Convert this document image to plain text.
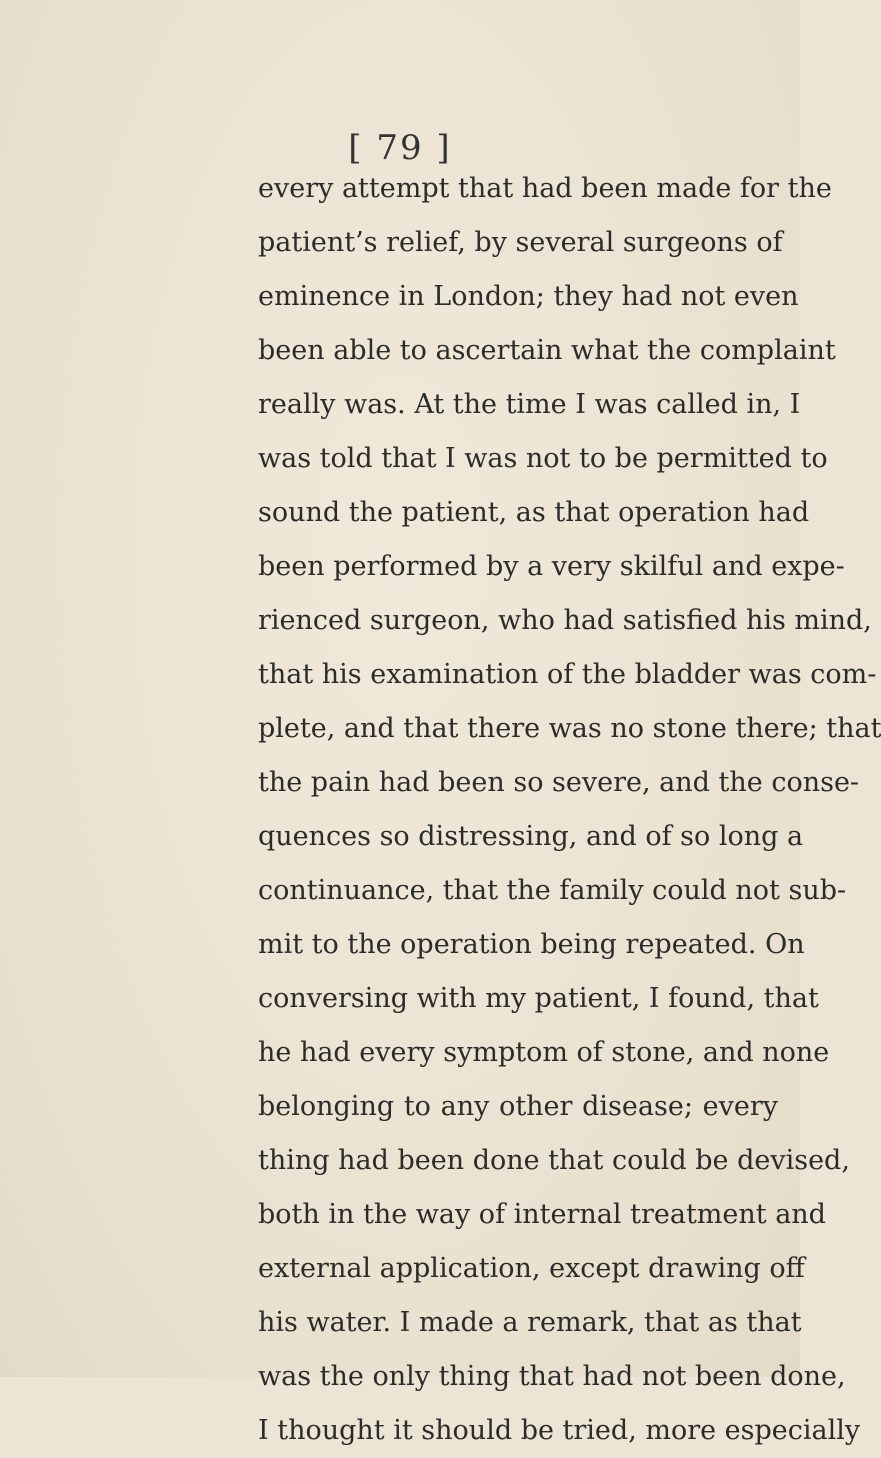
[ 79 ]
every attempt that had been made for the
patient’s relief, by several surgeons of
eminence in London; they had not even
been able to ascertain what the complaint
really was. At the time I was called in, I
was told that I was not to be permitted to
sound the patient, as that operation had
been performed by a very skilful and expe-
rienced surgeon, who had satisfied his mind,
that his examination of the bladder was com-
plete, and that there was no stone there; that
the pain had been so severe, and the conse-
quences so distressing, and of so long a
continuance, that the family could not sub-
mit to the operation being repeated. On
conversing with my patient, I found, that
he had every symptom of stone, and none
belonging to any other disease; every
thing had been done that could be devised,
both in the way of internal treatment and
external application, except drawing off
his water. I made a remark, that as that
was the only thing that had not been done,
I thought it should be tried, more especially
